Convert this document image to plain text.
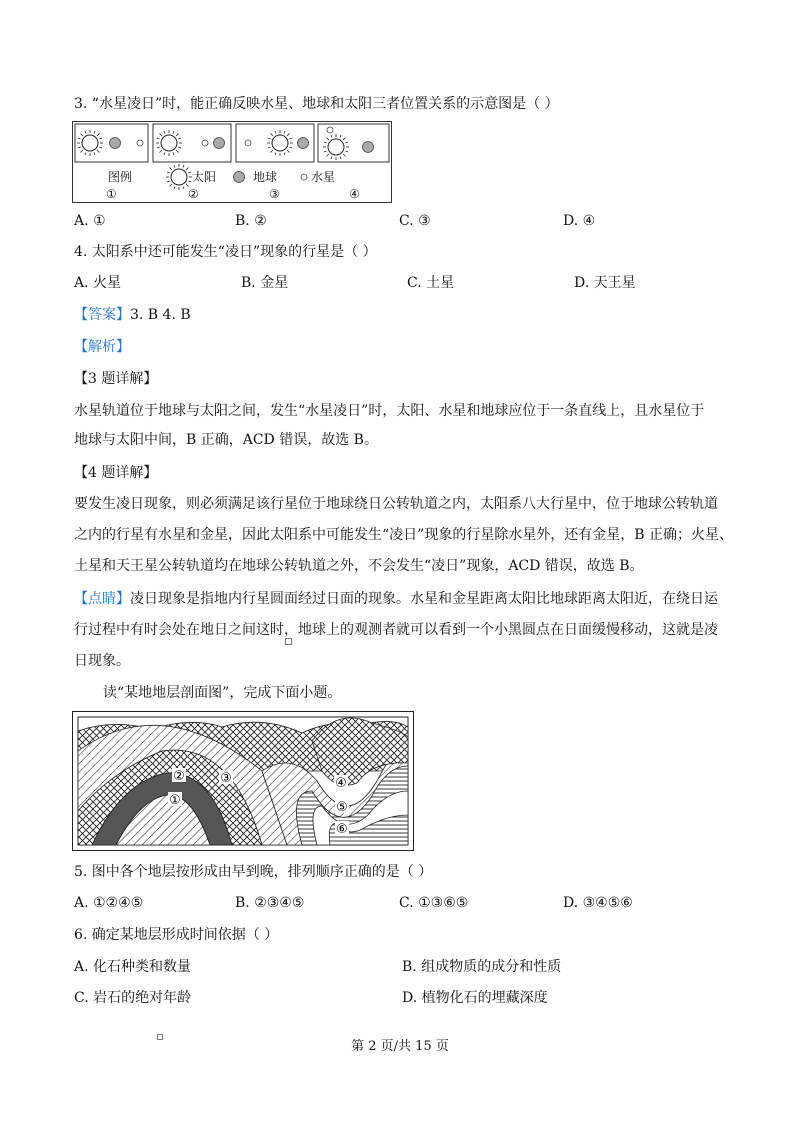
3. “水星凌日”时，能正确反映水星、地球和太阳三者位置关系的示意图是（ ）
图例	太阳	地球	水星
①	②	③	④
A. ①	B. ②	C. ③	D. ④
4. 太阳系中还可能发生“凌日”现象的行星是（ ）
A. 火星	B. 金星	C. 土星	D. 天王星
【答案】3. B 4. B
【解析】
【3 题详解】
水星轨道位于地球与太阳之间，发生“水星凌日”时，太阳、水星和地球应位于一条直线上，且水星位于
地球与太阳中间，B 正确，ACD 错误，故选 B。
【4 题详解】
要发生凌日现象，则必须满足该行星位于地球绕日公转轨道之内，太阳系八大行星中，位于地球公转轨道
之内的行星有水星和金星，因此太阳系中可能发生“凌日”现象的行星除水星外，还有金星，B 正确；火星、
土星和天王星公转轨道均在地球公转轨道之外，不会发生“凌日”现象，ACD 错误，故选 B。
【点睛】凌日现象是指地内行星圆面经过日面的现象。水星和金星距离太阳比地球距离太阳近，在绕日运
行过程中有时会处在地日之间这时，地球上的观测者就可以看到一个小黑圆点在日面缓慢移动，这就是凌
日现象。
读“某地地层剖面图”，完成下面小题。
①
②	③	④
⑤
⑥
5. 图中各个地层按形成由早到晚，排列顺序正确的是（ ）
A. ①②④⑤	B. ②③④⑤	C. ①③⑥⑤	D. ③④⑤⑥
6. 确定某地层形成时间依据（ ）
A. 化石种类和数量	B. 组成物质的成分和性质
C. 岩石的绝对年龄	D. 植物化石的埋藏深度
第 2 页/共 15 页
